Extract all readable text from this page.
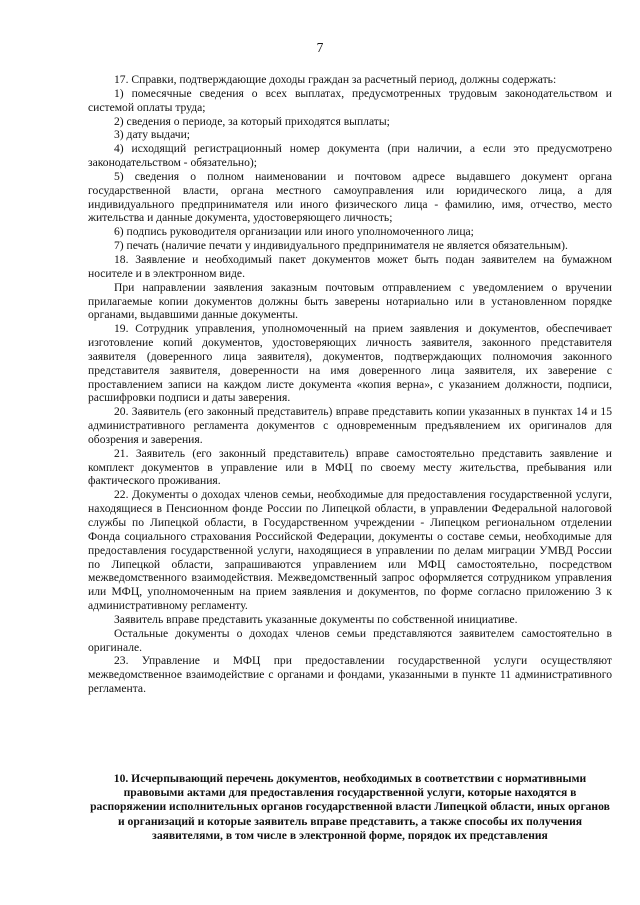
7

17. Справки, подтверждающие доходы граждан за расчетный период, должны содержать:

1) помесячные сведения о всех выплатах, предусмотренных трудовым законодательством и системой оплаты труда;

2) сведения о периоде, за который приходятся выплаты;

3) дату выдачи;

4) исходящий регистрационный номер документа (при наличии, а если это предусмотрено законодательством - обязательно);

5) сведения о полном наименовании и почтовом адресе выдавшего документ органа государственной власти, органа местного самоуправления или юридического лица, а для индивидуального предпринимателя или иного физического лица - фамилию, имя, отчество, место жительства и данные документа, удостоверяющего личность;

6) подпись руководителя организации или иного уполномоченного лица;

7) печать (наличие печати у индивидуального предпринимателя не является обязательным).

18. Заявление и необходимый пакет документов может быть подан заявителем на бумажном носителе и в электронном виде.

При направлении заявления заказным почтовым отправлением с уведомлением о вручении прилагаемые копии документов должны быть заверены нотариально или в установленном порядке органами, выдавшими данные документы.

19. Сотрудник управления, уполномоченный на прием заявления и документов, обеспечивает изготовление копий документов, удостоверяющих личность заявителя, законного представителя заявителя (доверенного лица заявителя), документов, подтверждающих полномочия законного представителя заявителя, доверенности на имя доверенного лица заявителя, их заверение с проставлением записи на каждом листе документа «копия верна», с указанием должности, подписи, расшифровки подписи и даты заверения.

20. Заявитель (его законный представитель) вправе представить копии указанных в пунктах 14 и 15 административного регламента документов с одновременным предъявлением их оригиналов для обозрения и заверения.

21. Заявитель (его законный представитель) вправе самостоятельно представить заявление и комплект документов в управление или в МФЦ по своему месту жительства, пребывания или фактического проживания.

22. Документы о доходах членов семьи, необходимые для предоставления государственной услуги, находящиеся в Пенсионном фонде России по Липецкой области, в управлении Федеральной налоговой службы по Липецкой области, в Государственном учреждении - Липецком региональном отделении Фонда социального страхования Российской Федерации, документы о составе семьи, необходимые для предоставления государственной услуги, находящиеся в управлении по делам миграции УМВД России по Липецкой области, запрашиваются управлением или МФЦ самостоятельно, посредством межведомственного взаимодействия. Межведомственный запрос оформляется сотрудником управления или МФЦ, уполномоченным на прием заявления и документов, по форме согласно приложению 3 к административному регламенту.

Заявитель вправе представить указанные документы по собственной инициативе.

Остальные документы о доходах членов семьи представляются заявителем самостоятельно в оригинале.

23. Управление и МФЦ при предоставлении государственной услуги осуществляют межведомственное взаимодействие с органами и фондами, указанными в пункте 11 административного регламента.

10. Исчерпывающий перечень документов, необходимых в соответствии с нормативными правовыми актами для предоставления государственной услуги, которые находятся в распоряжении исполнительных органов государственной власти Липецкой области, иных органов и организаций и которые заявитель вправе представить, а также способы их получения заявителями, в том числе в электронной форме, порядок их представления
